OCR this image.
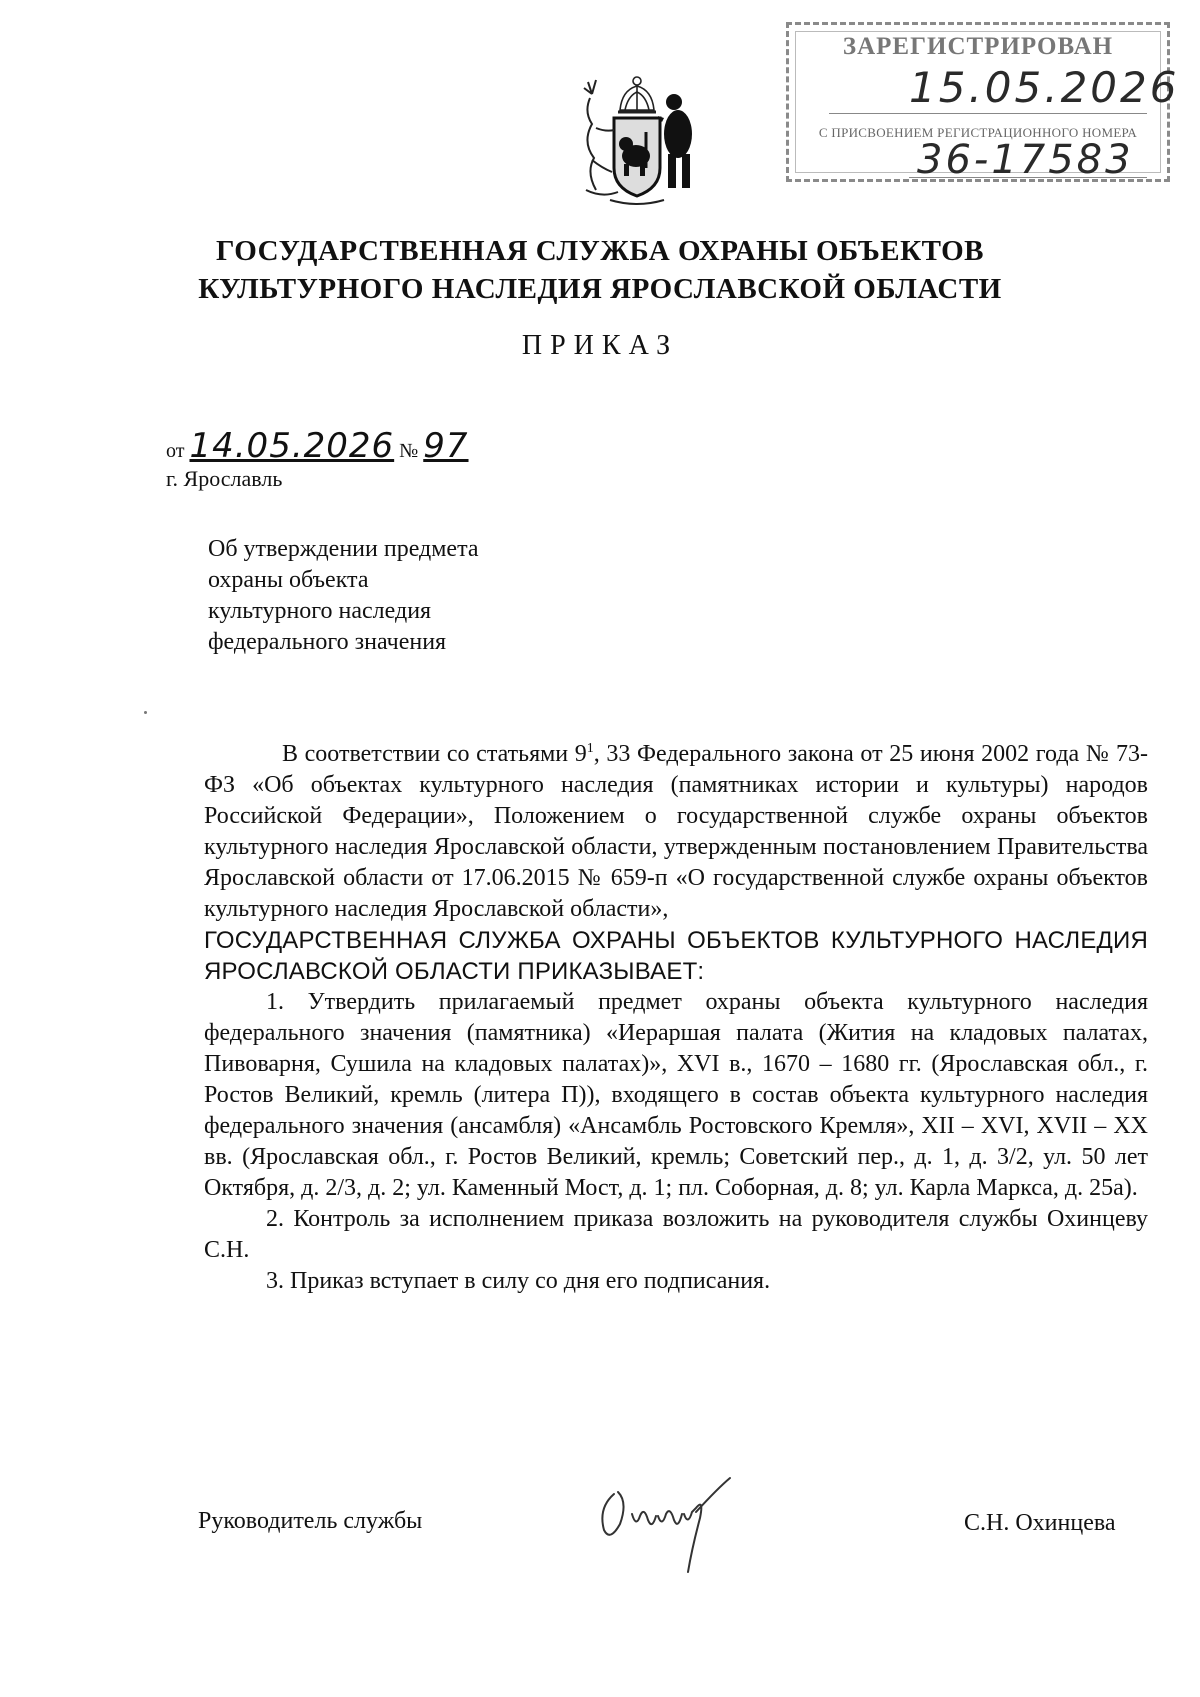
ЗАРЕГИСТРИРОВАН
15.05.2026
С ПРИСВОЕНИЕМ РЕГИСТРАЦИОННОГО НОМЕРА
36-17583
ГОСУДАРСТВЕННАЯ СЛУЖБА ОХРАНЫ ОБЪЕКТОВ
КУЛЬТУРНОГО НАСЛЕДИЯ ЯРОСЛАВСКОЙ ОБЛАСТИ
ПРИКАЗ
от 14.05.2026 № 97
г. Ярославль
Об утверждении предмета
охраны объекта
культурного наследия
федерального значения

В соответствии со статьями $9^1$, 33 Федерального закона от 25 июня 2002 года № 73-ФЗ «Об объектах культурного наследия (памятниках истории и культуры) народов Российской Федерации», Положением о государственной службе охраны объектов культурного наследия Ярославской области, утвержденным постановлением Правительства Ярославской области от 17.06.2015 № 659-п «О государственной службе охраны объектов культурного наследия Ярославской области»,

ГОСУДАРСТВЕННАЯ СЛУЖБА ОХРАНЫ ОБЪЕКТОВ КУЛЬТУРНОГО НАСЛЕДИЯ ЯРОСЛАВСКОЙ ОБЛАСТИ ПРИКАЗЫВАЕТ:

1. Утвердить прилагаемый предмет охраны объекта культурного наследия федерального значения (памятника) «Иераршая палата (Жития на кладовых палатах, Пивоварня, Сушила на кладовых палатах)», XVI в., 1670 – 1680 гг. (Ярославская обл., г. Ростов Великий, кремль (литера П)), входящего в состав объекта культурного наследия федерального значения (ансамбля) «Ансамбль Ростовского Кремля», XII – XVI, XVII – XX вв. (Ярославская обл., г. Ростов Великий, кремль; Советский пер., д. 1, д. 3/2, ул. 50 лет Октября, д. 2/3, д. 2; ул. Каменный Мост, д. 1; пл. Соборная, д. 8; ул. Карла Маркса, д. 25а).

2. Контроль за исполнением приказа возложить на руководителя службы Охинцеву С.Н.

3. Приказ вступает в силу со дня его подписания.

Руководитель службы	С.Н. Охинцева
